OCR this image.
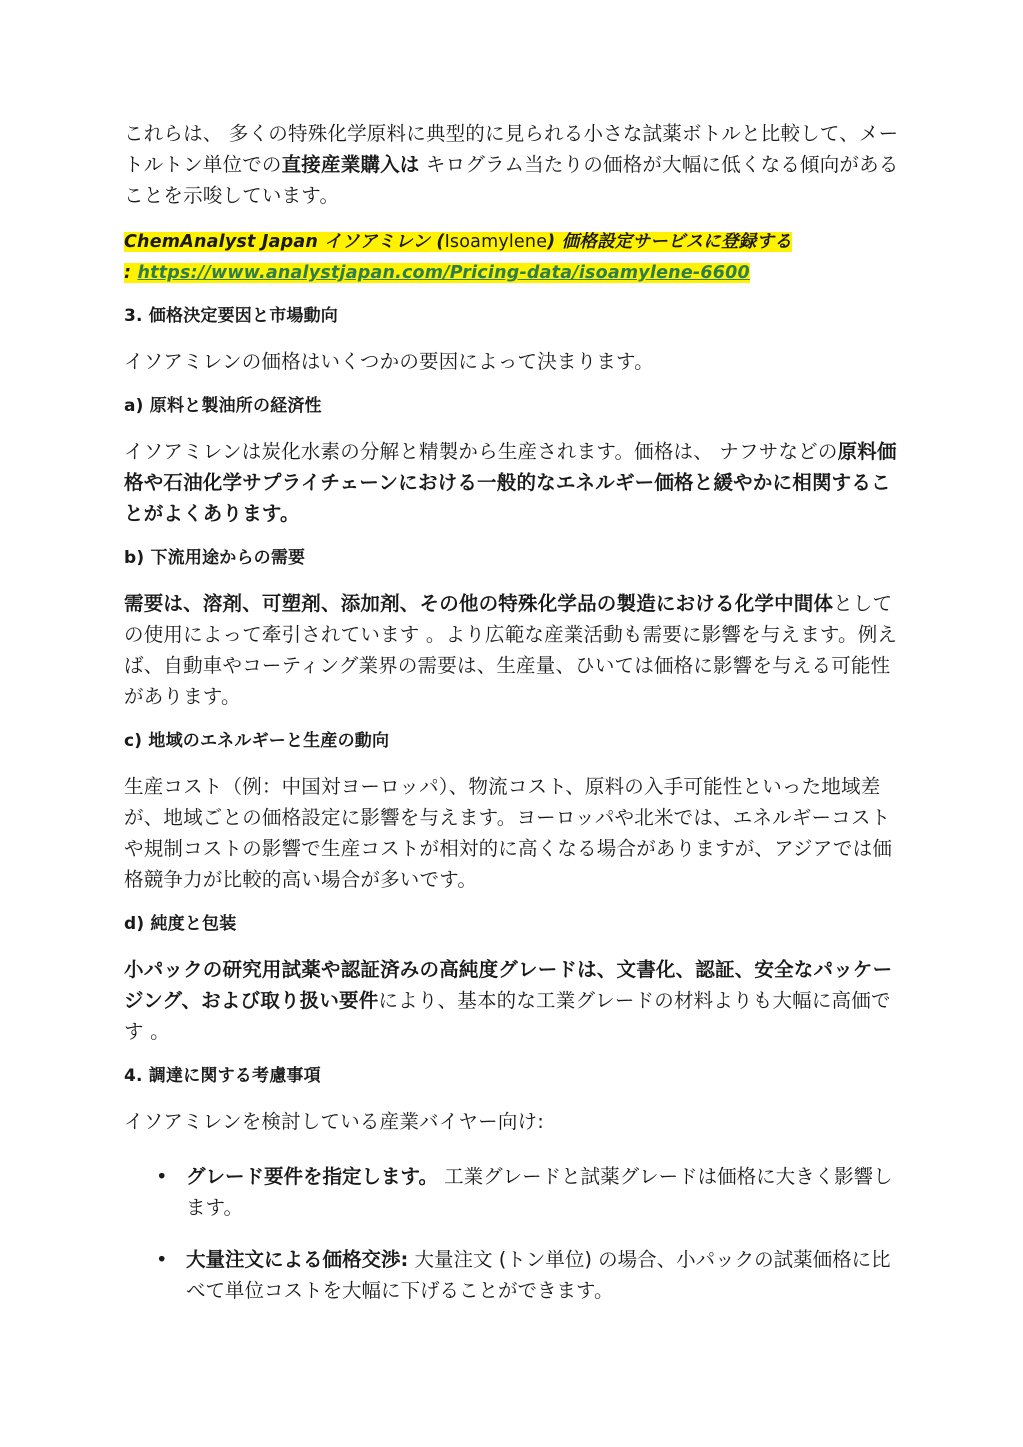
これらは、 多くの特殊化学原料に典型的に見られる小さな試薬ボトルと比較して、メートルトン単位での直接産業購入は キログラム当たりの価格が大幅に低くなる傾向があることを示唆しています。

ChemAnalyst Japan イソアミレン (Isoamylene) 価格設定サービスに登録する
: https://www.analystjapan.com/Pricing-data/isoamylene-6600

3. 価格決定要因と市場動向

イソアミレンの価格はいくつかの要因によって決まります。

a) 原料と製油所の経済性

イソアミレンは炭化水素の分解と精製から生産されます。価格は、 ナフサなどの原料価格や石油化学サプライチェーンにおける一般的なエネルギー価格と緩やかに相関することがよくあります。

b) 下流用途からの需要

需要は、溶剤、可塑剤、添加剤、その他の特殊化学品の製造における化学中間体としての使用によって牽引されています 。より広範な産業活動も需要に影響を与えます。例えば、自動車やコーティング業界の需要は、生産量、ひいては価格に影響を与える可能性があります。

c) 地域のエネルギーと生産の動向

生産コスト（例：中国対ヨーロッパ）、物流コスト、原料の入手可能性といった地域差が、地域ごとの価格設定に影響を与えます。ヨーロッパや北米では、エネルギーコストや規制コストの影響で生産コストが相対的に高くなる場合がありますが、アジアでは価格競争力が比較的高い場合が多いです。

d) 純度と包装

小パックの研究用試薬や認証済みの高純度グレードは、文書化、認証、安全なパッケージング、および取り扱い要件により、基本的な工業グレードの材料よりも大幅に高価です 。

4. 調達に関する考慮事項

イソアミレンを検討している産業バイヤー向け:

• グレード要件を指定します。 工業グレードと試薬グレードは価格に大きく影響します。
• 大量注文による価格交渉: 大量注文 (トン単位) の場合、小パックの試薬価格に比べて単位コストを大幅に下げることができます。
